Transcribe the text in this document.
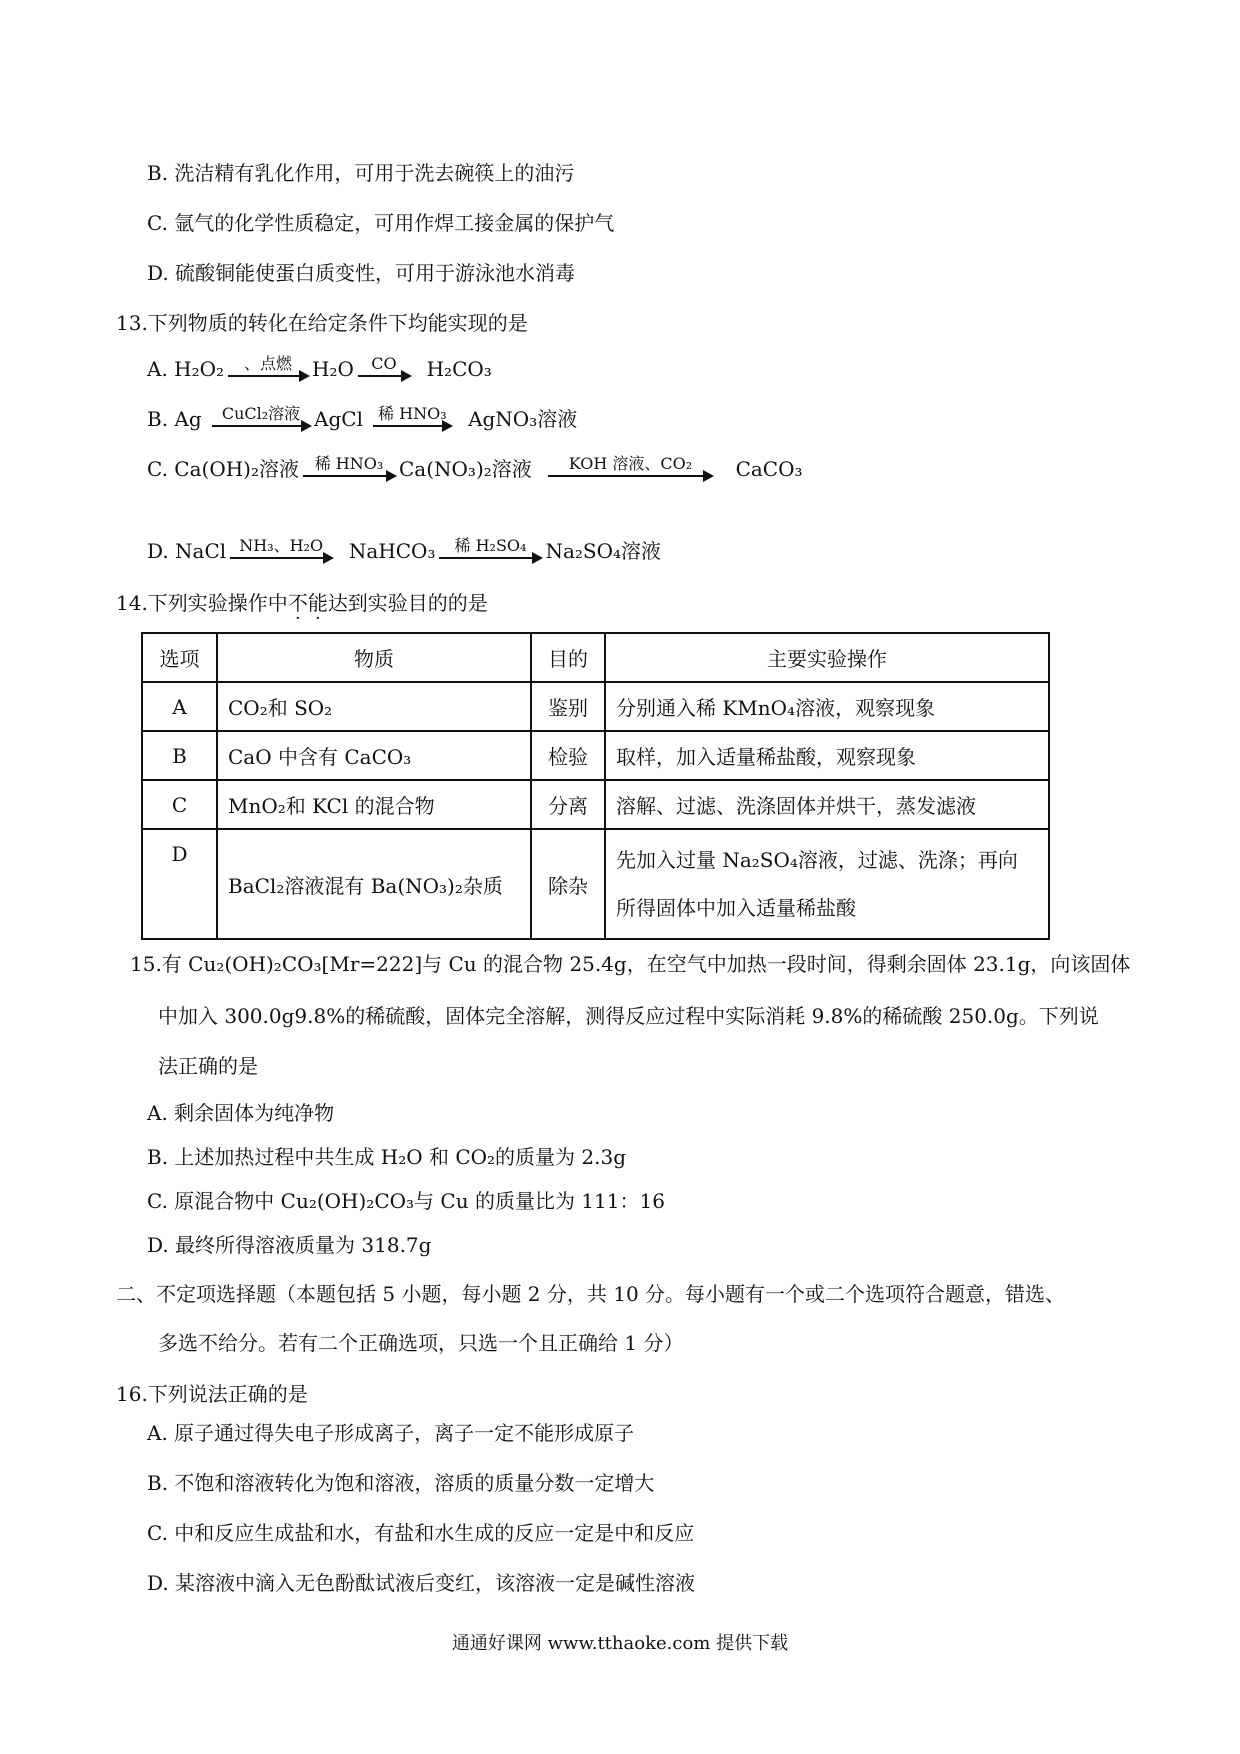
B. 洗洁精有乳化作用，可用于洗去碗筷上的油污
C. 氩气的化学性质稳定，可用作焊工接金属的保护气
D. 硫酸铜能使蛋白质变性，可用于游泳池水消毒
13.下列物质的转化在给定条件下均能实现的是
A. H₂O₂	、点燃	H₂O	CO	H₂CO₃
B. Ag	CuCl₂溶液 AgCl 稀 HNO₃ AgNO₃溶液
C. Ca(OH)₂溶液 稀 HNO₃ Ca(NO₃)₂溶液	KOH 溶液、CO₂	CaCO₃
D. NaCl NH₃、H₂O	NaHCO₃	稀 H₂SO₄ Na₂SO₄溶液
14.下列实验操作中不能达到实验目的的是
选项	物质	目的	主要实验操作
A	CO₂和 SO₂	鉴别	分别通入稀 KMnO₄溶液，观察现象
B	CaO 中含有 CaCO₃	检验	取样，加入适量稀盐酸，观察现象
C	MnO₂和 KCl 的混合物	分离	溶解、过滤、洗涤固体并烘干，蒸发滤液
D	BaCl₂溶液混有 Ba(NO₃)₂杂质	除杂	先加入过量 Na₂SO₄溶液，过滤、洗涤；再向
所得固体中加入适量稀盐酸
15.有 Cu₂(OH)₂CO₃[Mr=222]与 Cu 的混合物 25.4g，在空气中加热一段时间，得剩余固体 23.1g，向该固体
中加入 300.0g9.8%的稀硫酸，固体完全溶解，测得反应过程中实际消耗 9.8%的稀硫酸 250.0g。下列说
法正确的是
A. 剩余固体为纯净物
B. 上述加热过程中共生成 H₂O 和 CO₂的质量为 2.3g
C. 原混合物中 Cu₂(OH)₂CO₃与 Cu 的质量比为 111：16
D. 最终所得溶液质量为 318.7g
二、不定项选择题（本题包括 5 小题，每小题 2 分，共 10 分。每小题有一个或二个选项符合题意，错选、
多选不给分。若有二个正确选项，只选一个且正确给 1 分）
16.下列说法正确的是
A. 原子通过得失电子形成离子，离子一定不能形成原子
B. 不饱和溶液转化为饱和溶液，溶质的质量分数一定增大
C. 中和反应生成盐和水，有盐和水生成的反应一定是中和反应
D. 某溶液中滴入无色酚酞试液后变红，该溶液一定是碱性溶液
通通好课网 www.tthaoke.com 提供下载
